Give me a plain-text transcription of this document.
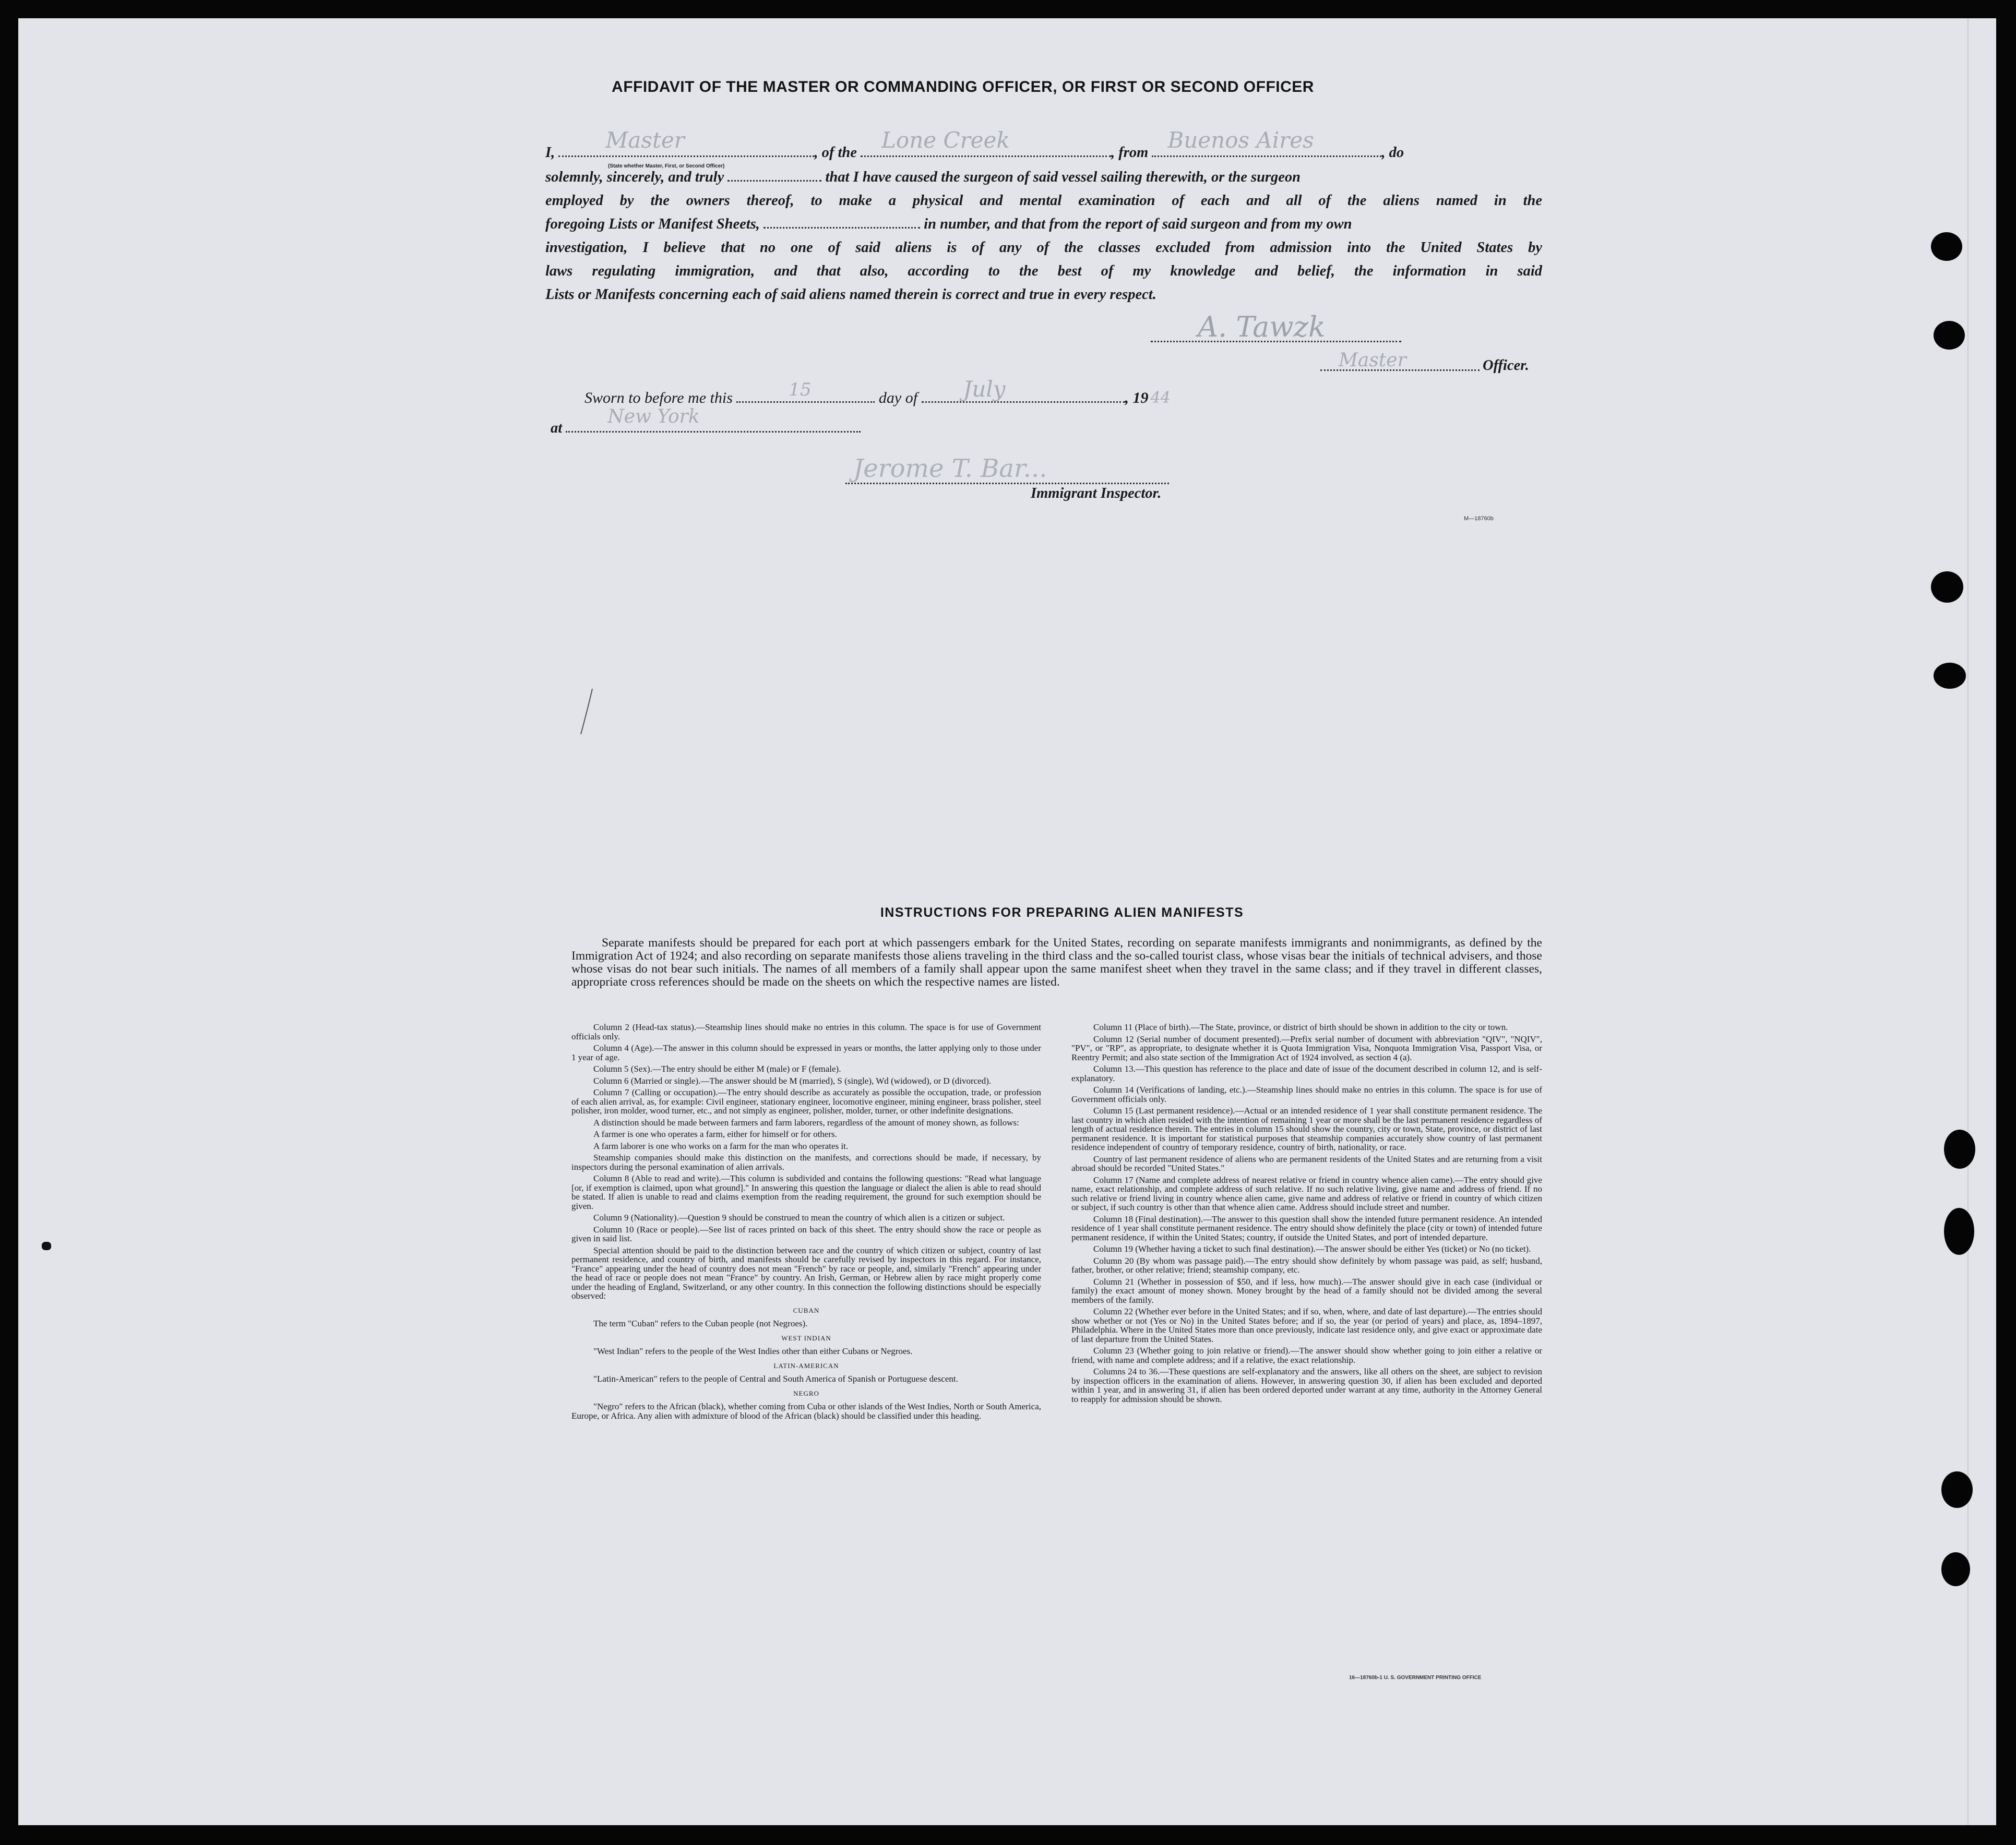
AFFIDAVIT OF THE MASTER OR COMMANDING OFFICER, OR FIRST OR SECOND OFFICER
I, Master	, of the Lone Creek	, from Buenos Aires	, do
(State whether Master, First, or Second Officer)
solemnly, sincerely, and truly	that I have caused the surgeon of said vessel sailing therewith, or the surgeon
employed by the owners thereof, to make a physical and mental examination of each and all of the aliens named in the
foregoing Lists or Manifest Sheets,	in number, and that from the report of said surgeon and from my own
investigation, I believe that no one of said aliens is of any of the classes excluded from admission into the United States by
laws regulating immigration, and that also, according to the best of my knowledge and belief, the information in said
Lists or Manifests concerning each of said aliens named therein is correct and true in every respect.
A. Tawzk
Master	Officer.
Sworn to before me this	15	day of July	, 19 44
at
New York
Jerome T. Bar...
Immigrant Inspector.
M—18760b
INSTRUCTIONS FOR PREPARING ALIEN MANIFESTS
Separate manifests should be prepared for each port at which passengers embark for the United States, recording on separate manifests immigrants and nonimmigrants, as defined by the Immigration Act of 1924; and also recording on separate manifests those aliens traveling in the third class and the so-called tourist class, whose visas bear the initials of technical advisers, and those whose visas do not bear such initials. The names of all members of a family shall appear upon the same manifest sheet when they travel in the same class; and if they travel in different classes, appropriate cross references should be made on the sheets on which the respective names are listed.

Column 2 (Head-tax status).—Steamship lines should make no entries in this column. The space is for use of Government officials only.

Column 4 (Age).—The answer in this column should be expressed in years or months, the latter applying only to those under 1 year of age.

Column 5 (Sex).—The entry should be either M (male) or F (female).

Column 6 (Married or single).—The answer should be M (married), S (single), Wd (widowed), or D (divorced).

Column 7 (Calling or occupation).—The entry should describe as accurately as possible the occupation, trade, or profession of each alien arrival, as, for example: Civil engineer, stationary engineer, locomotive engineer, mining engineer, brass polisher, steel polisher, iron molder, wood turner, etc., and not simply as engineer, polisher, molder, turner, or other indefinite designations.

A distinction should be made between farmers and farm laborers, regardless of the amount of money shown, as follows:

A farmer is one who operates a farm, either for himself or for others.

A farm laborer is one who works on a farm for the man who operates it.

Steamship companies should make this distinction on the manifests, and corrections should be made, if necessary, by inspectors during the personal examination of alien arrivals.

Column 8 (Able to read and write).—This column is subdivided and contains the following questions: "Read what language [or, if exemption is claimed, upon what ground]." In answering this question the language or dialect the alien is able to read should be stated. If alien is unable to read and claims exemption from the reading requirement, the ground for such exemption should be given.

Column 9 (Nationality).—Question 9 should be construed to mean the country of which alien is a citizen or subject.

Column 10 (Race or people).—See list of races printed on back of this sheet. The entry should show the race or people as given in said list.

Special attention should be paid to the distinction between race and the country of which citizen or subject, country of last permanent residence, and country of birth, and manifests should be carefully revised by inspectors in this regard. For instance, "France" appearing under the head of country does not mean "French" by race or people, and, similarly "French" appearing under the head of race or people does not mean "France" by country. An Irish, German, or Hebrew alien by race might properly come under the heading of England, Switzerland, or any other country. In this connection the following distinctions should be especially observed:

CUBAN

The term "Cuban" refers to the Cuban people (not Negroes).

WEST INDIAN

"West Indian" refers to the people of the West Indies other than either Cubans or Negroes.

LATIN-AMERICAN

"Latin-American" refers to the people of Central and South America of Spanish or Portuguese descent.

NEGRO

"Negro" refers to the African (black), whether coming from Cuba or other islands of the West Indies, North or South America, Europe, or Africa. Any alien with admixture of blood of the African (black) should be classified under this heading.

Column 11 (Place of birth).—The State, province, or district of birth should be shown in addition to the city or town.

Column 12 (Serial number of document presented).—Prefix serial number of document with abbreviation "QIV", "NQIV", "PV", or "RP", as appropriate, to designate whether it is Quota Immigration Visa, Nonquota Immigration Visa, Passport Visa, or Reentry Permit; and also state section of the Immigration Act of 1924 involved, as section 4 (a).

Column 13.—This question has reference to the place and date of issue of the document described in column 12, and is self-explanatory.

Column 14 (Verifications of landing, etc.).—Steamship lines should make no entries in this column. The space is for use of Government officials only.

Column 15 (Last permanent residence).—Actual or an intended residence of 1 year shall constitute permanent residence. The last country in which alien resided with the intention of remaining 1 year or more shall be the last permanent residence regardless of length of actual residence therein. The entries in column 15 should show the country, city or town, State, province, or district of last permanent residence. It is important for statistical purposes that steamship companies accurately show country of last permanent residence independent of country of temporary residence, country of birth, nationality, or race.

Country of last permanent residence of aliens who are permanent residents of the United States and are returning from a visit abroad should be recorded "United States."

Column 17 (Name and complete address of nearest relative or friend in country whence alien came).—The entry should give name, exact relationship, and complete address of such relative. If no such relative living, give name and address of friend. If no such relative or friend living in country whence alien came, give name and address of relative or friend in country of which citizen or subject, if such country is other than that whence alien came. Address should include street and number.

Column 18 (Final destination).—The answer to this question shall show the intended future permanent residence. An intended residence of 1 year shall constitute permanent residence. The entry should show definitely the place (city or town) of intended future permanent residence, if within the United States; country, if outside the United States, and port of intended departure.

Column 19 (Whether having a ticket to such final destination).—The answer should be either Yes (ticket) or No (no ticket).

Column 20 (By whom was passage paid).—The entry should show definitely by whom passage was paid, as self; husband, father, brother, or other relative; friend; steamship company, etc.

Column 21 (Whether in possession of $50, and if less, how much).—The answer should give in each case (individual or family) the exact amount of money shown. Money brought by the head of a family should not be divided among the several members of the family.

Column 22 (Whether ever before in the United States; and if so, when, where, and date of last departure).—The entries should show whether or not (Yes or No) in the United States before; and if so, the year (or period of years) and place, as, 1894–1897, Philadelphia. Where in the United States more than once previously, indicate last residence only, and give exact or approximate date of last departure from the United States.

Column 23 (Whether going to join relative or friend).—The answer should show whether going to join either a relative or friend, with name and complete address; and if a relative, the exact relationship.

Columns 24 to 36.—These questions are self-explanatory and the answers, like all others on the sheet, are subject to revision by inspection officers in the examination of aliens. However, in answering question 30, if alien has been excluded and deported within 1 year, and in answering 31, if alien has been ordered deported under warrant at any time, authority in the Attorney General to reapply for admission should be shown.

16—18760b-1 U. S. GOVERNMENT PRINTING OFFICE
